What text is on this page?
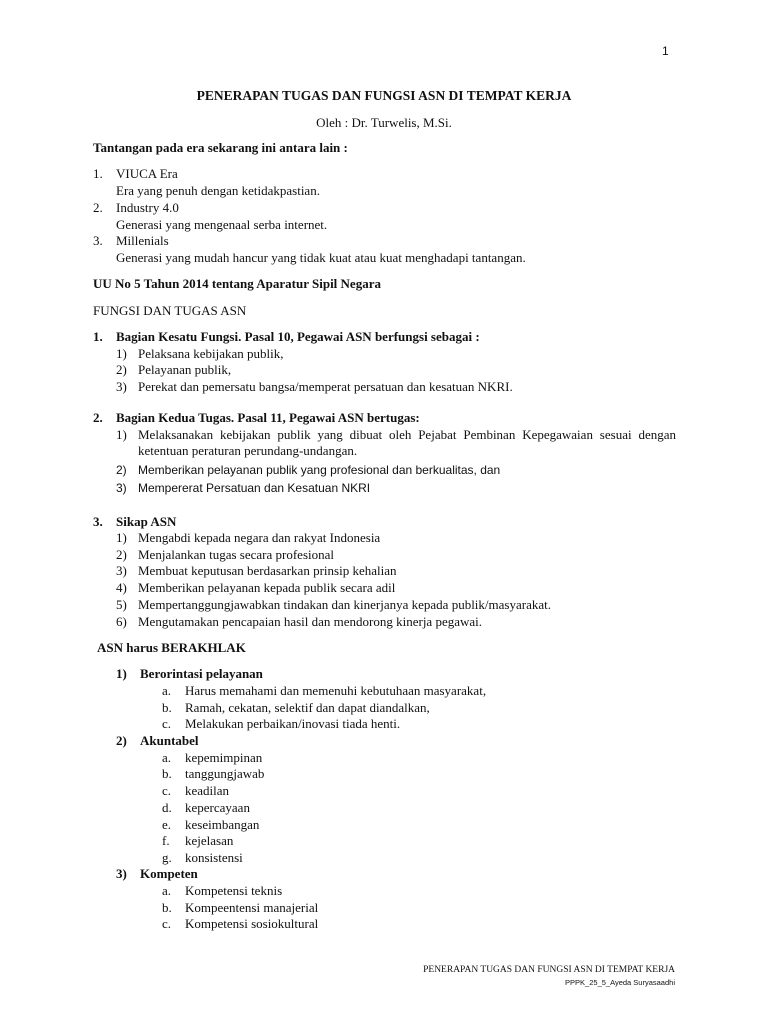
1
PENERAPAN TUGAS DAN FUNGSI ASN DI TEMPAT KERJA
Oleh : Dr. Turwelis, M.Si.
Tantangan pada era sekarang ini antara lain :
1. VIUCA Era
Era yang penuh dengan ketidakpastian.
2. Industry 4.0
Generasi yang mengenaal serba internet.
3. Millenials
Generasi yang mudah hancur yang tidak kuat atau kuat menghadapi tantangan.
UU No 5 Tahun 2014 tentang Aparatur Sipil Negara
FUNGSI DAN TUGAS ASN
1. Bagian Kesatu Fungsi. Pasal 10, Pegawai ASN berfungsi sebagai :
1) Pelaksana kebijakan publik,
2) Pelayanan publik,
3) Perekat dan pemersatu bangsa/memperat persatuan dan kesatuan NKRI.
2. Bagian Kedua Tugas. Pasal 11, Pegawai ASN bertugas:
1) Melaksanakan kebijakan publik yang dibuat oleh Pejabat Pembinan Kepegawaian sesuai dengan ketentuan peraturan perundang-undangan.
2) Memberikan pelayanan publik yang profesional dan berkualitas, dan
3) Mempererat Persatuan dan Kesatuan NKRI
3. Sikap ASN
1) Mengabdi kepada negara dan rakyat Indonesia
2) Menjalankan tugas secara profesional
3) Membuat keputusan berdasarkan prinsip kehalian
4) Memberikan pelayanan kepada publik secara adil
5) Mempertanggungjawabkan tindakan dan kinerjanya kepada publik/masyarakat.
6) Mengutamakan pencapaian hasil dan mendorong kinerja pegawai.
ASN harus BERAKHLAK
1) Berorintasi pelayanan
a. Harus memahami dan memenuhi kebutuhaan masyarakat,
b. Ramah, cekatan, selektif dan dapat diandalkan,
c. Melakukan perbaikan/inovasi tiada henti.
2) Akuntabel
a. kepemimpinan
b. tanggungjawab
c. keadilan
d. kepercayaan
e. keseimbangan
f. kejelasan
g. konsistensi
3) Kompeten
a. Kompetensi teknis
b. Kompeentensi manajerial
c. Kompetensi sosiokultural
PENERAPAN TUGAS DAN FUNGSI ASN DI TEMPAT KERJA
PPPK_25_5_Ayeda Suryasaadhi
